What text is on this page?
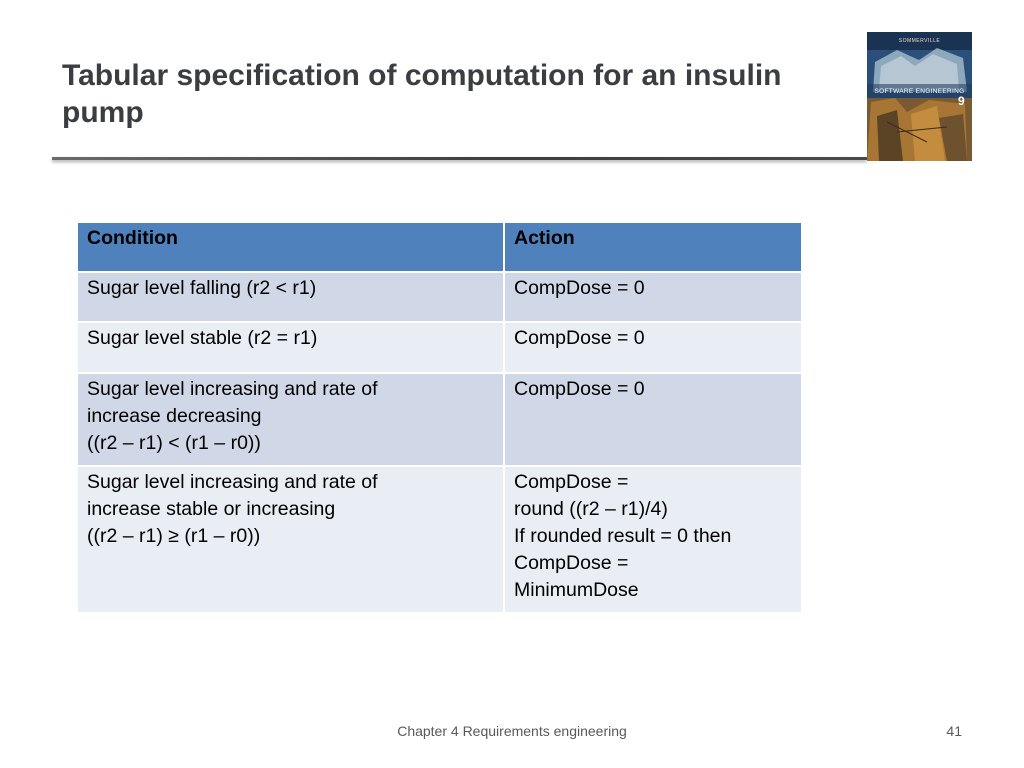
Tabular specification of computation for an insulin pump
SOMMERVILLE
SOFTWARE ENGINEERING
9
Condition	Action
Sugar level falling (r2 < r1)	CompDose = 0
Sugar level stable (r2 = r1)	CompDose = 0
Sugar level increasing and rate of
increase decreasing
((r2 – r1) < (r1 – r0))	CompDose = 0
Sugar level increasing and rate of
increase stable or increasing
((r2 – r1) ≥ (r1 – r0))	CompDose =
round ((r2 – r1)/4)
If rounded result = 0 then
CompDose =
MinimumDose
Chapter 4 Requirements engineering	41
